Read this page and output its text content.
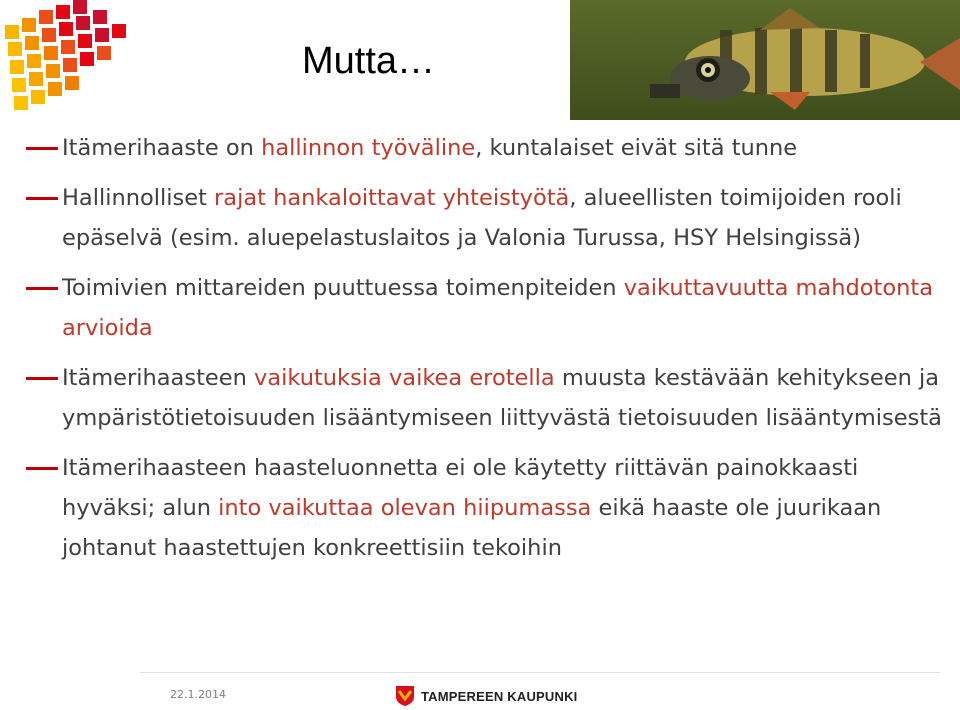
Mutta…
Itämerihaaste on hallinnon työväline, kuntalaiset eivät sitä tunne
Hallinnolliset rajat hankaloittavat yhteistyötä, alueellisten toimijoiden rooli epäselvä (esim. aluepelastuslaitos ja Valonia Turussa, HSY Helsingissä)
Toimivien mittareiden puuttuessa toimenpiteiden vaikuttavuutta mahdotonta arvioida
Itämerihaasteen vaikutuksia vaikea erotella muusta kestävään kehitykseen ja ympäristötietoisuuden lisääntymiseen liittyvästä tietoisuuden lisääntymisestä
Itämerihaasteen haasteluonnetta ei ole käytetty riittävän painokkaasti hyväksi; alun into vaikuttaa olevan hiipumassa eikä haaste ole juurikaan johtanut haastettujen konkreettisiin tekoihin
22.1.2014	TAMPEREEN KAUPUNKI
